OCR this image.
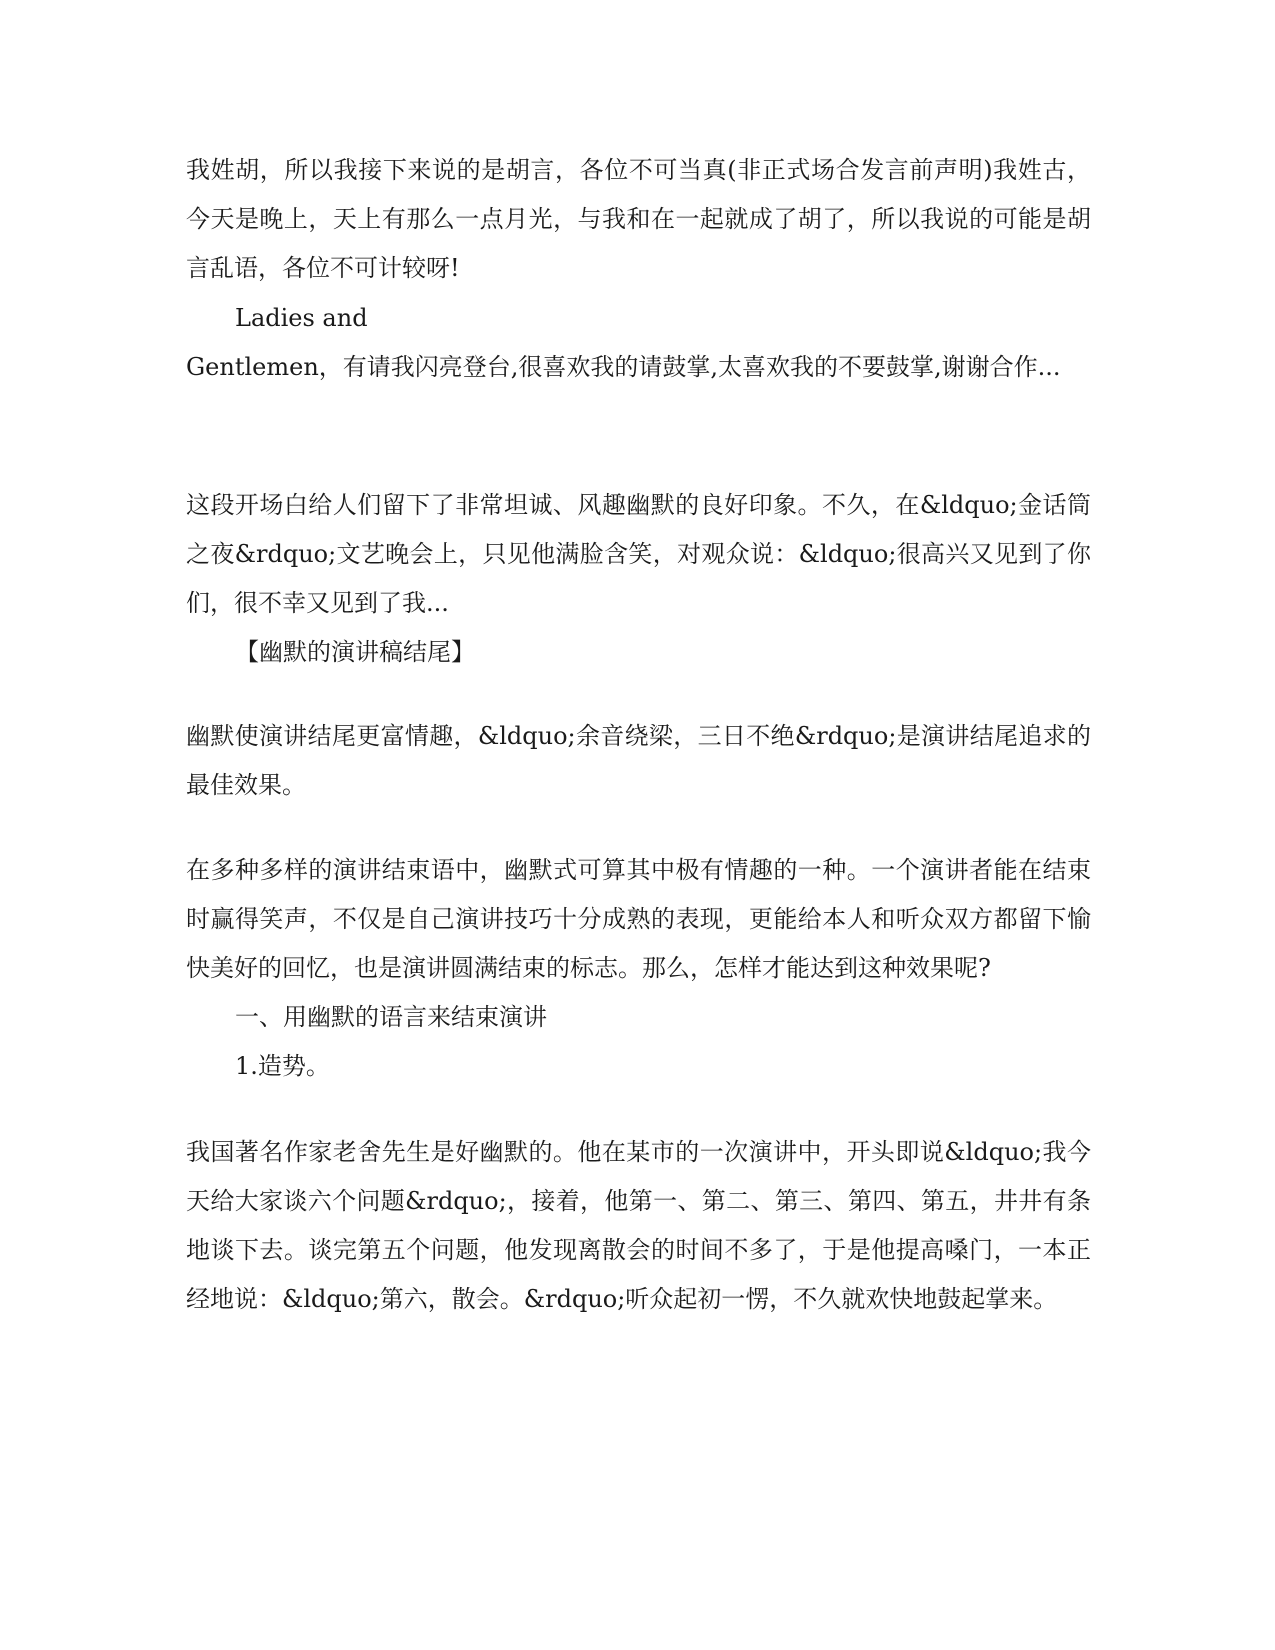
我姓胡，所以我接下来说的是胡言，各位不可当真(非正式场合发言前声明)我姓古，今天是晚上，天上有那么一点月光，与我和在一起就成了胡了，所以我说的可能是胡言乱语，各位不可计较呀!
Ladies and
Gentlemen，有请我闪亮登台,很喜欢我的请鼓掌,太喜欢我的不要鼓掌,谢谢合作...
这段开场白给人们留下了非常坦诚、风趣幽默的良好印象。不久，在&ldquo;金话筒之夜&rdquo;文艺晚会上，只见他满脸含笑，对观众说：&ldquo;很高兴又见到了你们，很不幸又见到了我...
【幽默的演讲稿结尾】
幽默使演讲结尾更富情趣，&ldquo;余音绕梁，三日不绝&rdquo;是演讲结尾追求的最佳效果。
在多种多样的演讲结束语中，幽默式可算其中极有情趣的一种。一个演讲者能在结束时赢得笑声，不仅是自己演讲技巧十分成熟的表现，更能给本人和听众双方都留下愉快美好的回忆，也是演讲圆满结束的标志。那么，怎样才能达到这种效果呢?
一、用幽默的语言来结束演讲
1.造势。
我国著名作家老舍先生是好幽默的。他在某市的一次演讲中，开头即说&ldquo;我今天给大家谈六个问题&rdquo;，接着，他第一、第二、第三、第四、第五，井井有条地谈下去。谈完第五个问题，他发现离散会的时间不多了，于是他提高嗓门，一本正经地说：&ldquo;第六，散会。&rdquo;听众起初一愣，不久就欢快地鼓起掌来。
